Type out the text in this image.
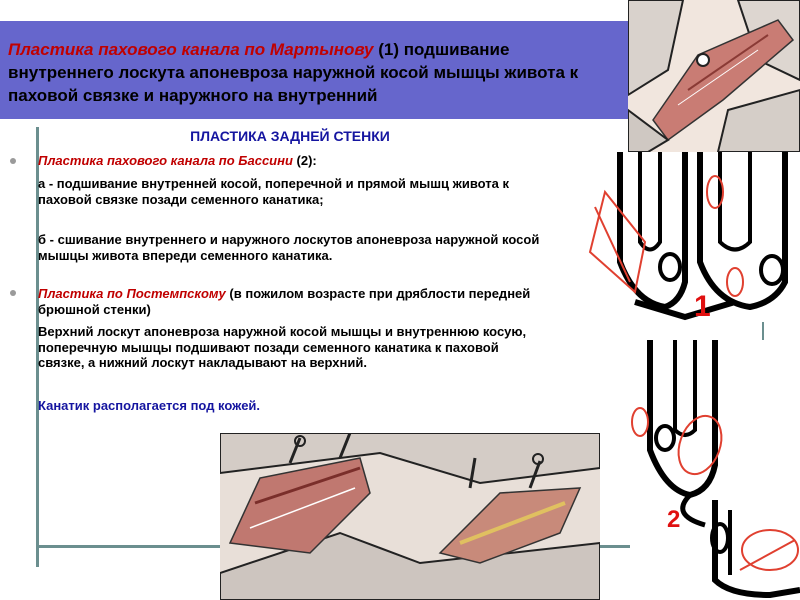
Пластика пахового канала по Мартынову (1) подшивание внутреннего лоскута апоневроза наружной косой мышцы живота к паховой связке и наружного на внутренний
ПЛАСТИКА ЗАДНЕЙ СТЕНКИ
Пластика пахового канала по Бассини (2):
а - подшивание внутренней косой, поперечной и прямой мышц живота к паховой связке позади семенного канатика;
б - сшивание внутреннего и наружного лоскутов апоневроза наружной косой мышцы живота впереди семенного канатика.
Пластика по Постемпскому (в пожилом возрасте при дряблости передней брюшной стенки)
Верхний лоскут апоневроза наружной косой мышцы и внутреннюю косую, поперечную мышцы подшивают позади семенного канатика к паховой связке, а нижний лоскут накладывают на верхний.
Канатик располагается под кожей.
1
2
